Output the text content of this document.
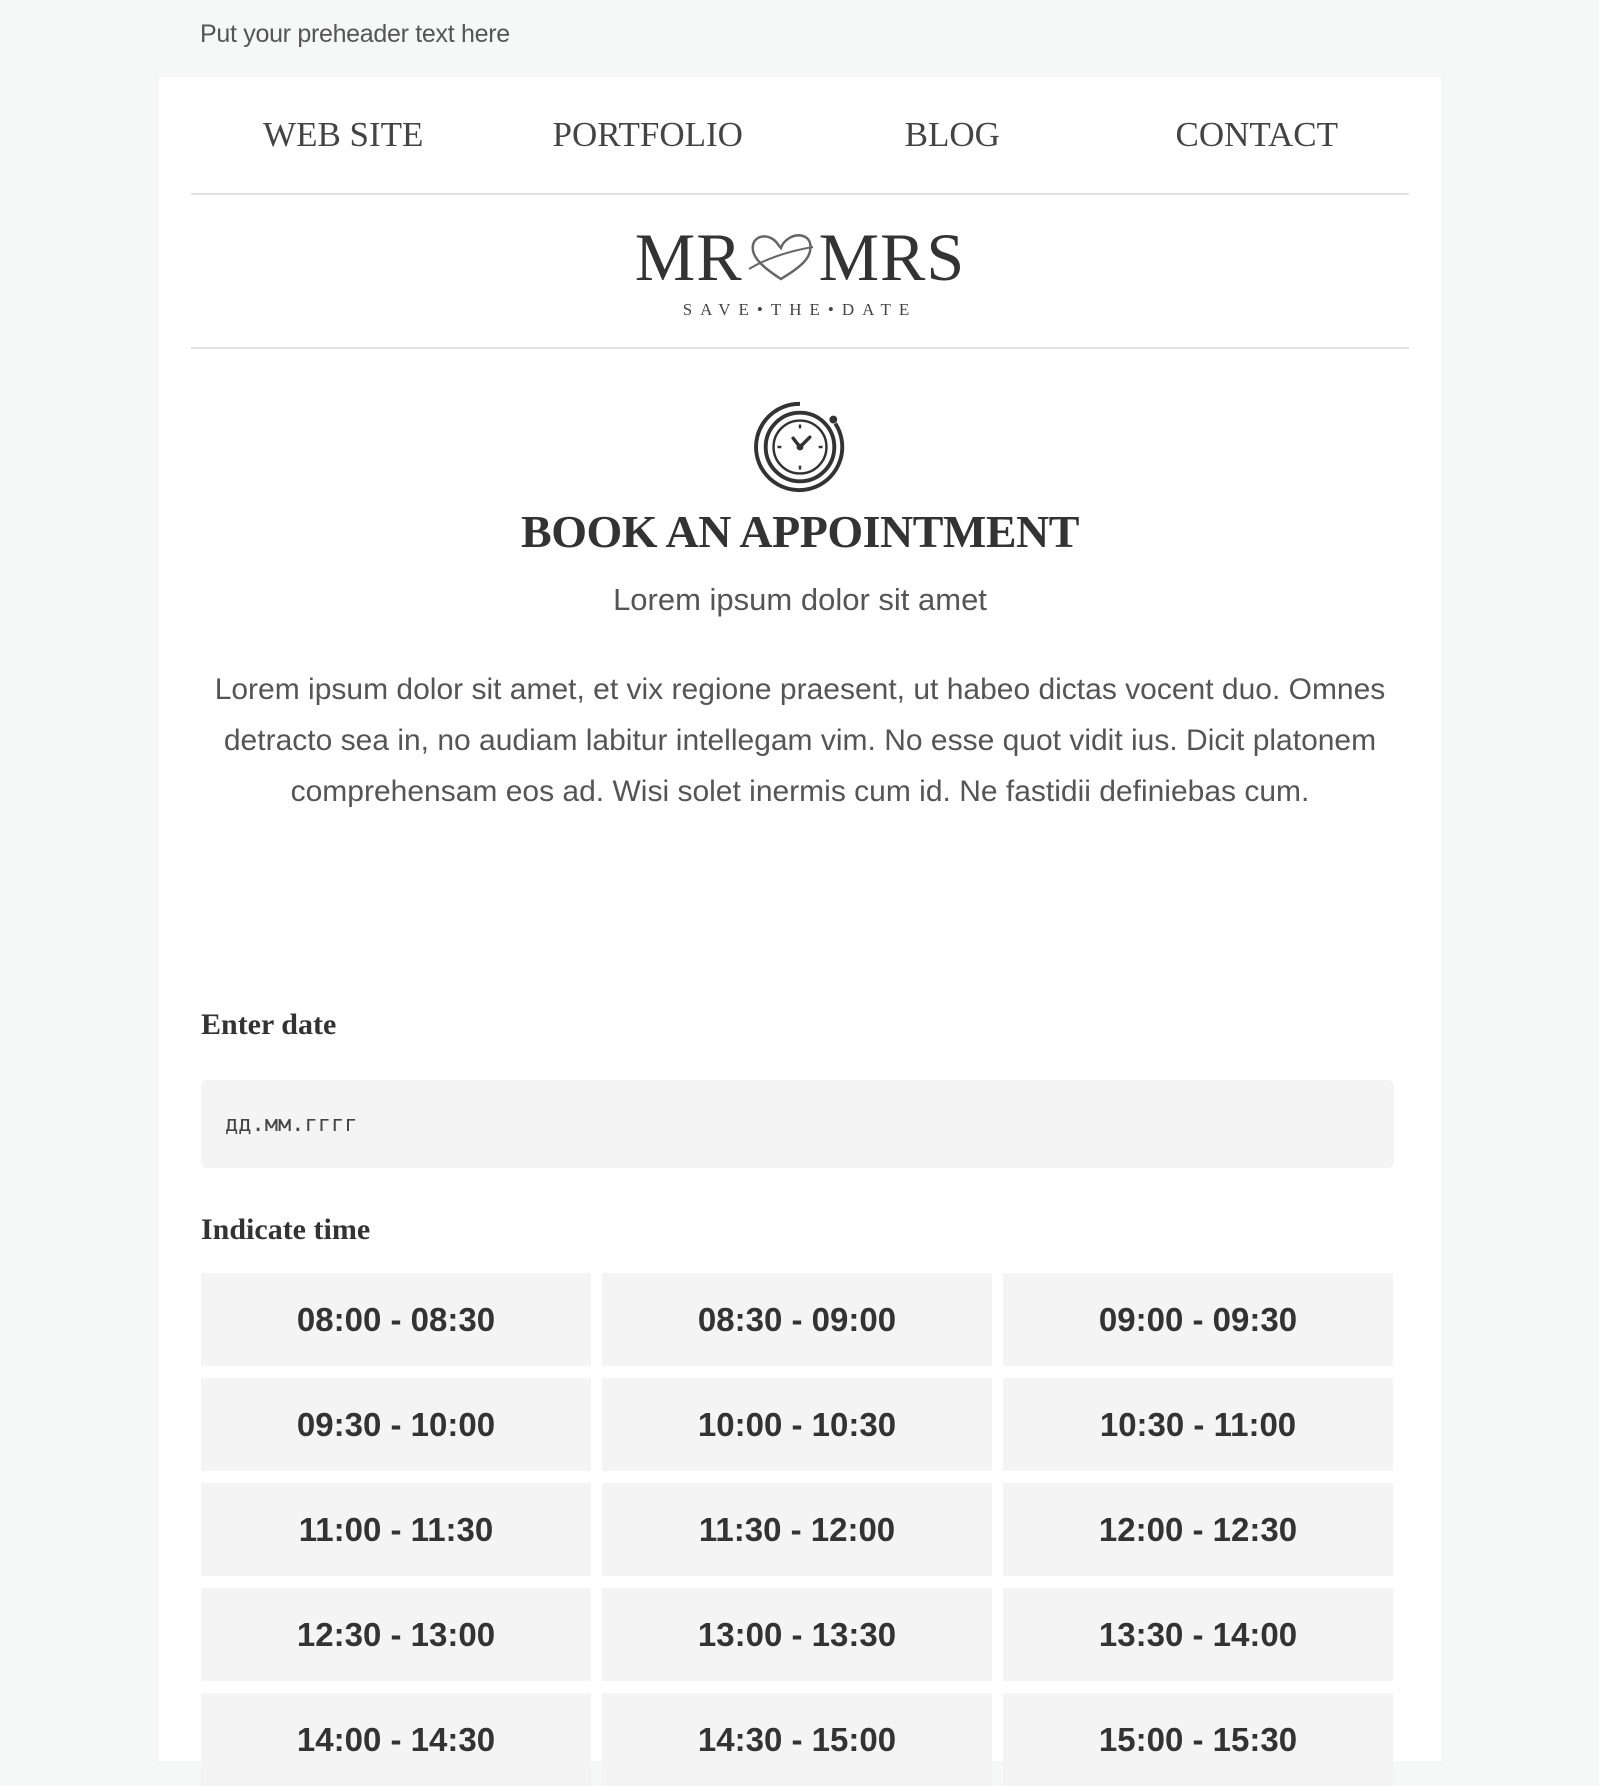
Put your preheader text here
WEB SITE	PORTFOLIO	BLOG	CONTACT
MR MRS
SAVE•THE•DATE
BOOK AN APPOINTMENT
Lorem ipsum dolor sit amet
Lorem ipsum dolor sit amet, et vix regione praesent, ut habeo dictas vocent duo. Omnes detracto sea in, no audiam labitur intellegam vim. No esse quot vidit ius. Dicit platonem comprehensam eos ad. Wisi solet inermis cum id. Ne fastidii definiebas cum.
Enter date
дд.мм.гггг
Indicate time
08:00 - 08:30	08:30 - 09:00	09:00 - 09:30
09:30 - 10:00	10:00 - 10:30	10:30 - 11:00
11:00 - 11:30	11:30 - 12:00	12:00 - 12:30
12:30 - 13:00	13:00 - 13:30	13:30 - 14:00
14:00 - 14:30	14:30 - 15:00	15:00 - 15:30
